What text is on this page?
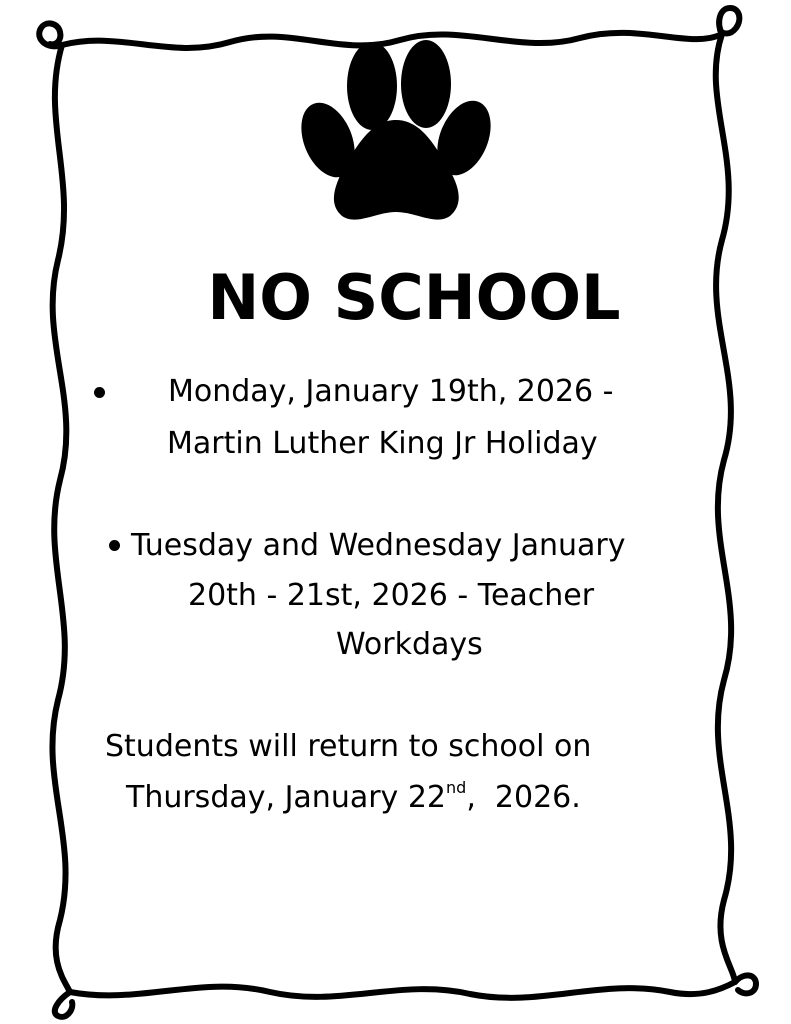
NO SCHOOL
Monday, January 19th, 2026 -
Martin Luther King Jr Holiday
Tuesday and Wednesday January
20th - 21st, 2026 - Teacher
Workdays
Students will return to school on
Thursday, January 22nd,  2026.
